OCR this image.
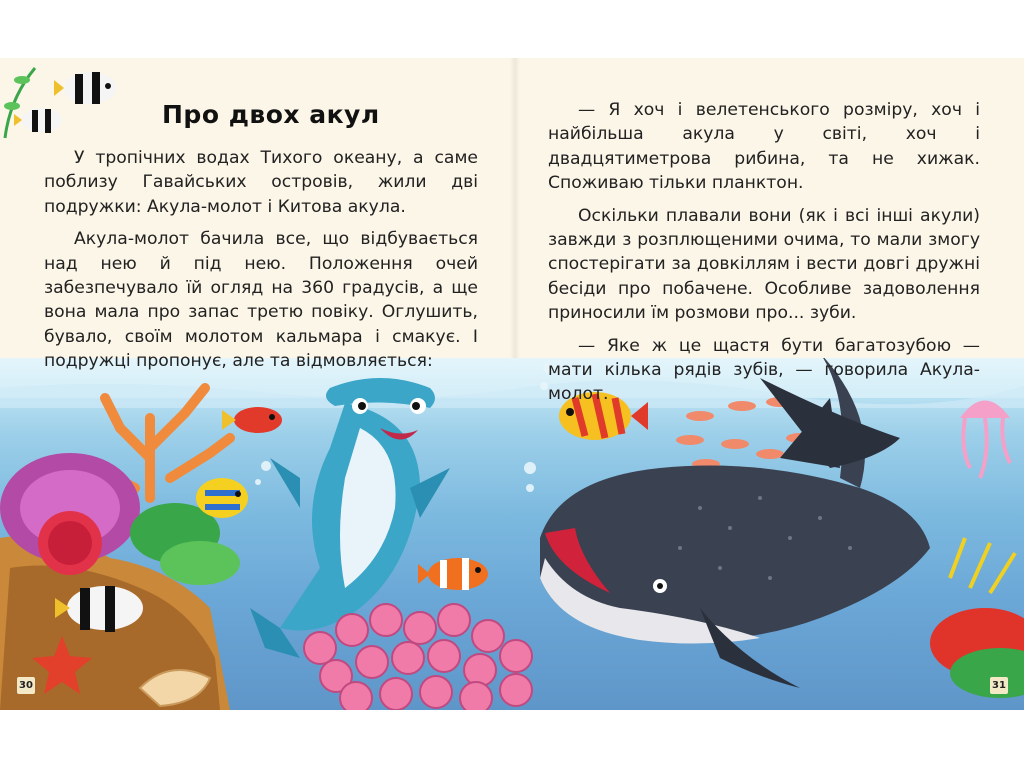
Про двох акул

У тропічних водах Тихого океану, а саме поблизу Гавайських островів, жили дві подружки: Акула-молот і Китова акула.

Акула-молот бачила все, що відбувається над нею й під нею. Положення очей забезпечувало їй огляд на 360 градусів, а ще вона мала про запас третю повіку. Оглушить, бувало, своїм молотом кальмара і смакує. І подружці пропонує, але та відмовляється:

— Я хоч і велетенського розміру, хоч і найбільша акула у світі, хоч і двадцятиметрова рибина, та не хижак. Споживаю тільки планктон.

Оскільки плавали вони (як і всі інші акули) завжди з розплющеними очима, то мали змогу спостерігати за довкіллям і вести довгі дружні бесіди про побачене. Особливе задоволення приносили їм розмови про... зуби.

— Яке ж це щастя бути багатозубою — мати кілька рядів зубів, — говорила Акула-молот.

30	31
